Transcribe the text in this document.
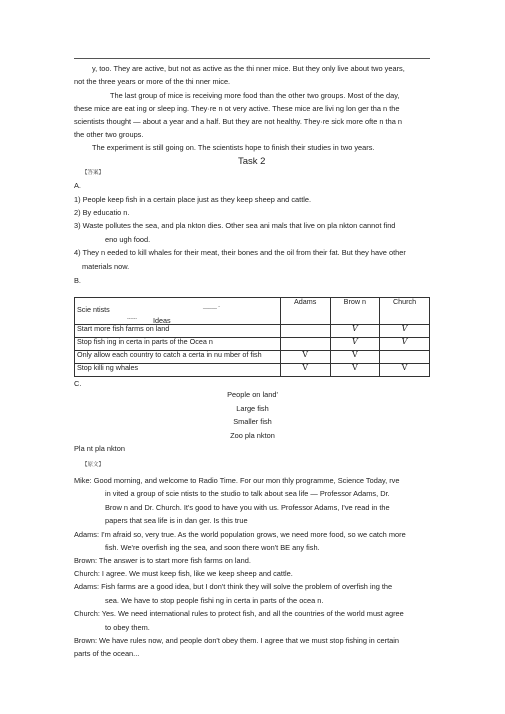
y, too. They are active, but not as active as the thi nner mice. But they only live about two years,
not the three years or more of the thi nner mice.
The last group of mice is receiving more food than the other two groups. Most of the day,
these mice are eat ing or sleep ing. They·re n ot very active. These mice are livi ng lon ger tha n the
scientists thought — about a year and a half. But they are not healthy. They·re sick more ofte n tha n
the other two groups.
The experiment is still going on. The scientists hope to finish their studies in two years.
Task 2
【答案】
A.
1) People keep fish in a certain place just as they keep sheep and cattle.
2) By educatio n.
3) Waste pollutes the sea, and pla nkton dies. Other sea ani mals that live on pla nkton cannot find
eno ugh food.
4) They n eeded to kill whales for their meat, their bones and the oil from their fat. But they have other
materials now.
B.
Scie ntists _____ -
------ Ideas	Adams	Brow n	Church
Start more fish farms on land		V	V
Stop fish ing in certa in parts of the Ocea n		V	V
Only allow each country to catch a certa in nu mber of fish	V	V	
Stop killi ng whales	V	V	V
C.
People on land'
Large fish
Smaller fish
Zoo pla nkton
Pla nt pla nkton
【原文】
Mike: Good morning, and welcome to Radio Time. For our mon thly programme, Science Today, rve
in vited a group of scie ntists to the studio to talk about sea life — Professor Adams, Dr.
Brow n and Dr. Church. It's good to have you with us. Professor Adams, I've read in the
papers that sea life is in dan ger. Is this true
Adams: I'm afraid so, very true. As the world population grows, we need more food, so we catch more
fish. We're overfish ing the sea, and soon there won't BE any fish.
Brown: The answer is to start more fish farms on land.
Church: I agree. We must keep fish, like we keep sheep and cattle.
Adams: Fish farms are a good idea, but I don't think they will solve the problem of overfish ing the
sea. We have to stop people fishi ng in certa in parts of the ocea n.
Church: Yes. We need international rules to protect fish, and all the countries of the world must agree
to obey them.
Brown: We have rules now, and people don't obey them. I agree that we must stop fishing in certain
parts of the ocean...
